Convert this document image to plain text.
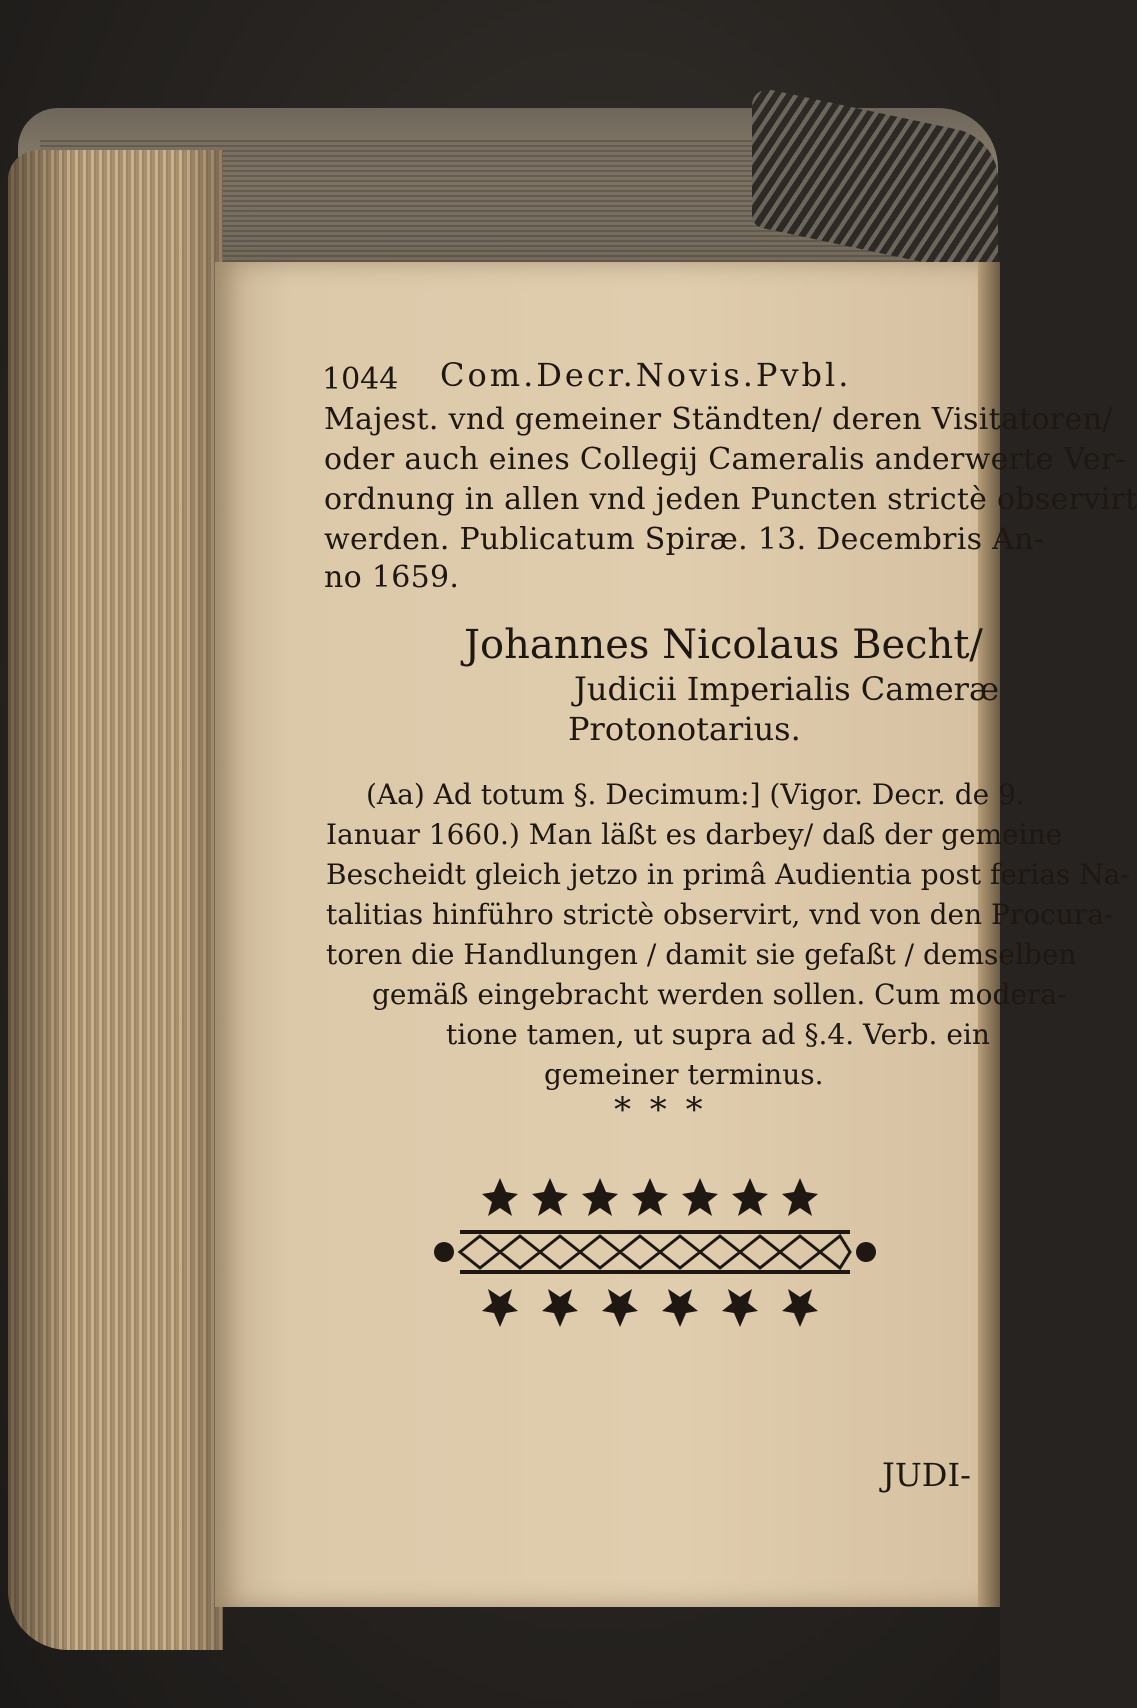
1044 Com.Decr.Novis.Pvbl.
Majest. vnd gemeiner Ständten/ deren Visitatoren/
oder auch eines Collegij Cameralis anderwerte Ver-
ordnung in allen vnd jeden Puncten strictè observirt
werden. Publicatum Spiræ. 13. Decembris An-
no 1659.
Johannes Nicolaus Becht/
Judicii Imperialis Cameræ
Protonotarius.
(Aa) Ad totum §. Decimum:] (Vigor. Decr. de 9.
Ianuar 1660.) Man läßt es darbey/ daß der gemeine
Bescheidt gleich jetzo in primâ Audientia post ferias Na-
talitias hinführo strictè observirt, vnd von den Procura-
toren die Handlungen / damit sie gefaßt / demselben
gemäß eingebracht werden sollen. Cum modera-
tione tamen, ut supra ad §.4. Verb. ein
gemeiner terminus.
* * *
JUDI-
